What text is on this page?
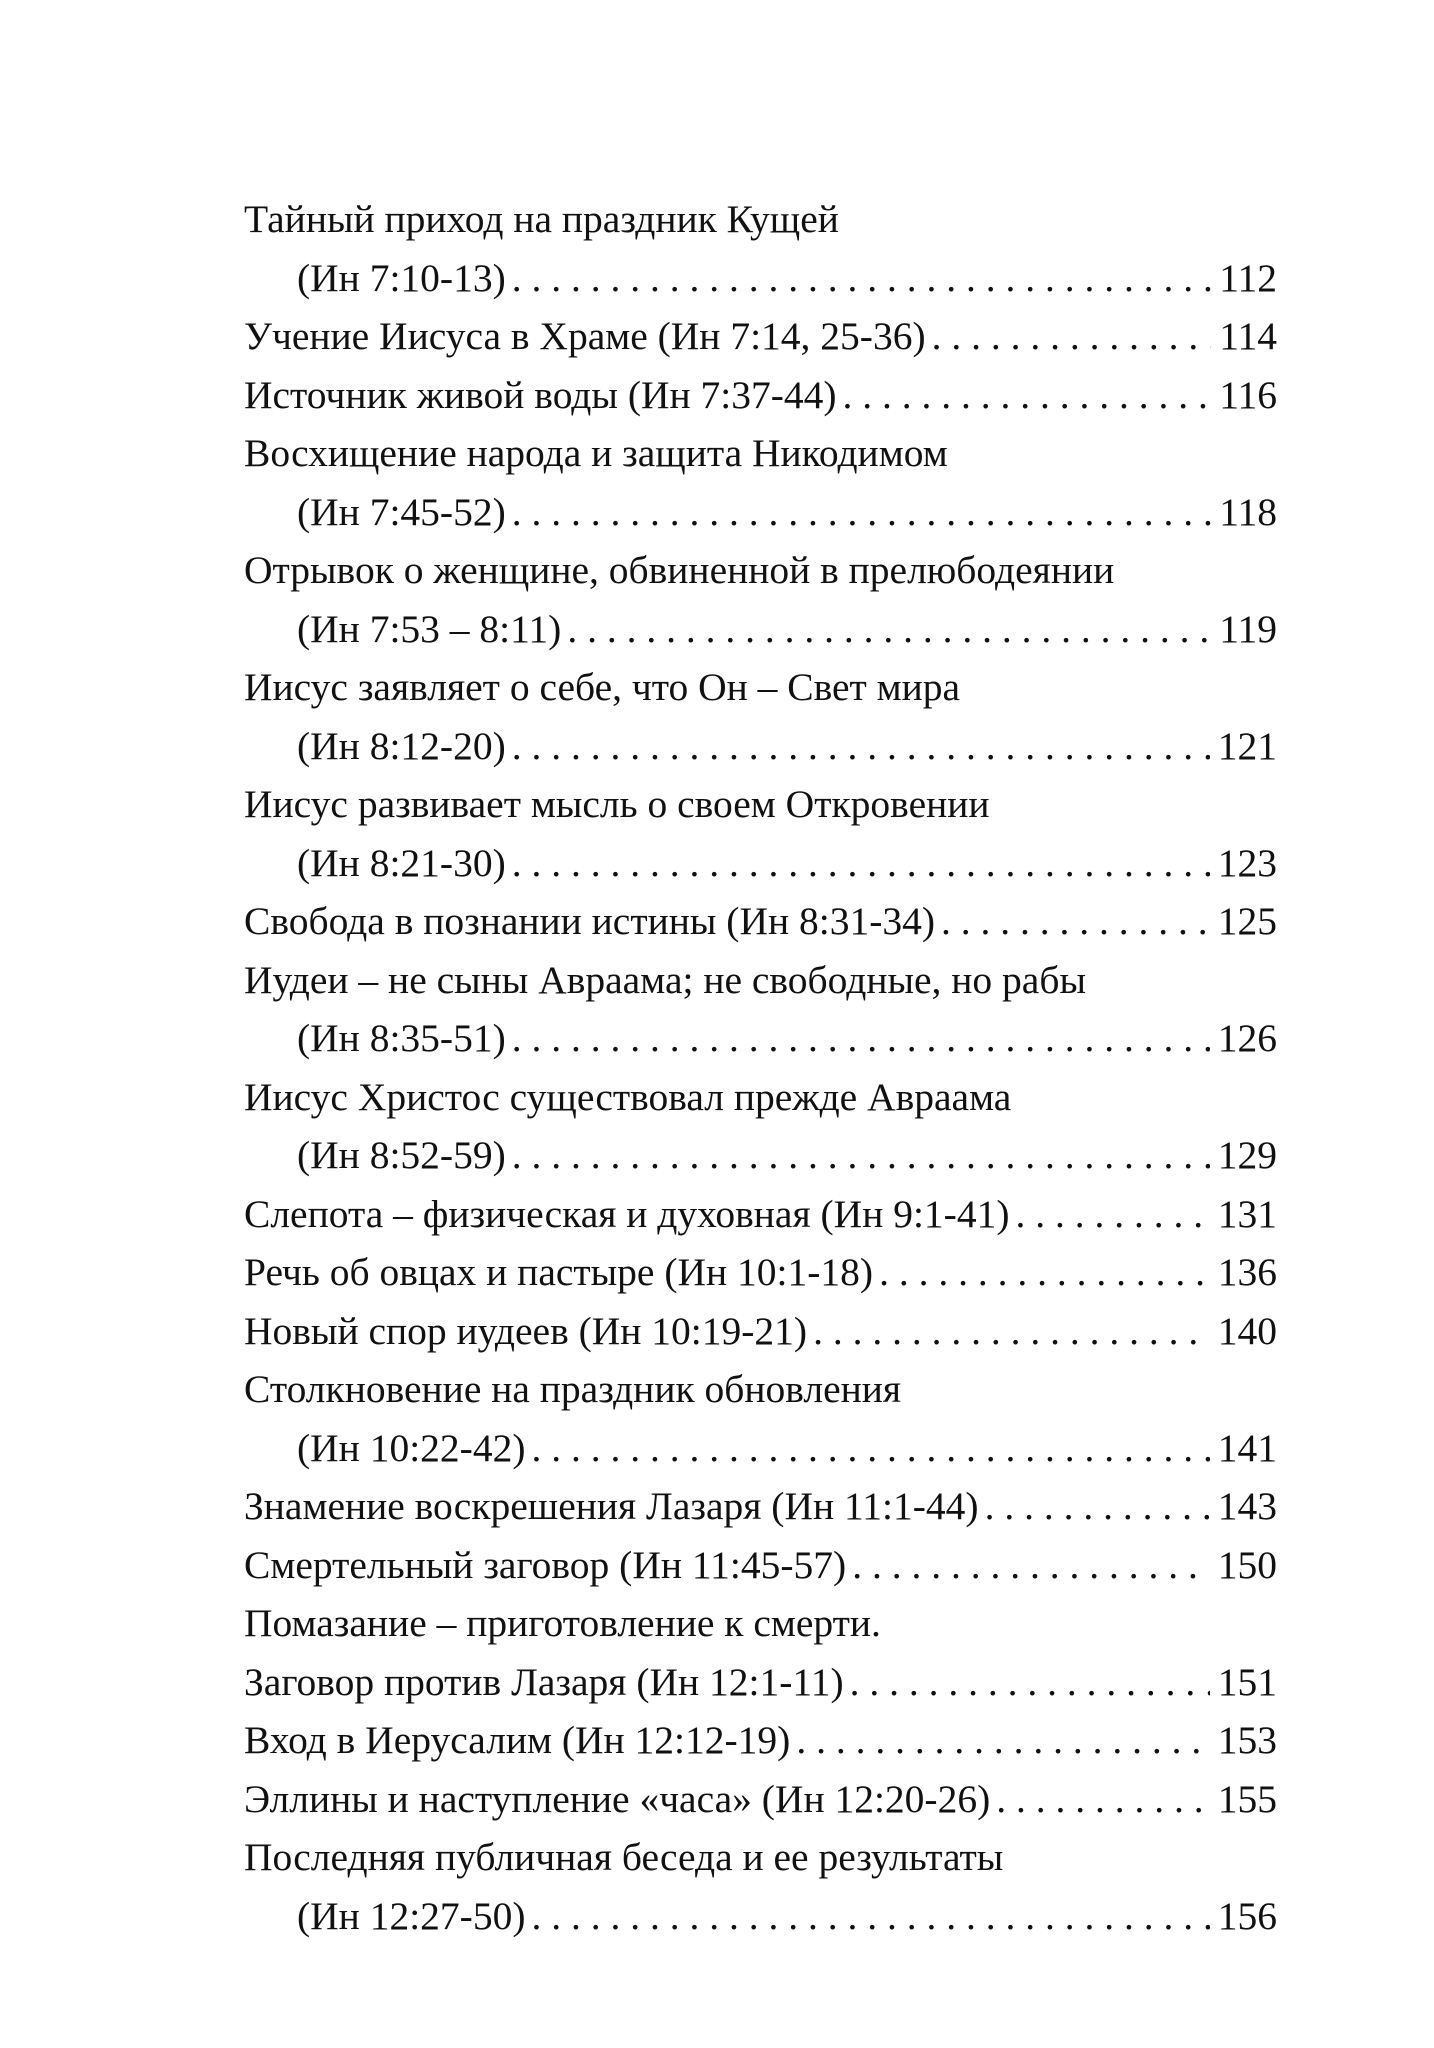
Тайный приход на праздник Кущей
(Ин 7:10-13) . . .	112
Учение Иисуса в Храме (Ин 7:14, 25-36) . . .	114
Источник живой воды (Ин 7:37-44) . . .	116
Восхищение народа и защита Никодимом
(Ин 7:45-52) . . .	118
Отрывок о женщине, обвиненной в прелюбодеянии
(Ин 7:53 – 8:11) . . .	119
Иисус заявляет о себе, что Он – Свет мира
(Ин 8:12-20) . . .	121
Иисус развивает мысль о своем Откровении
(Ин 8:21-30) . . .	123
Свобода в познании истины (Ин 8:31-34) . . .	125
Иудеи – не сыны Авраама; не свободные, но рабы
(Ин 8:35-51) . . .	126
Иисус Христос существовал прежде Авраама
(Ин 8:52-59) . . .	129
Слепота – физическая и духовная (Ин 9:1-41) . . .	131
Речь об овцах и пастыре (Ин 10:1-18) . . .	136
Новый спор иудеев (Ин 10:19-21) . . .	140
Столкновение на праздник обновления
(Ин 10:22-42) . . .	141
Знамение воскрешения Лазаря (Ин 11:1-44) . . .	143
Смертельный заговор (Ин 11:45-57) . . .	150
Помазание – приготовление к смерти.
Заговор против Лазаря (Ин 12:1-11) . . .	151
Вход в Иерусалим (Ин 12:12-19) . . .	153
Эллины и наступление «часа» (Ин 12:20-26) . . .	155
Последняя публичная беседа и ее результаты
(Ин 12:27-50) . . .	156
